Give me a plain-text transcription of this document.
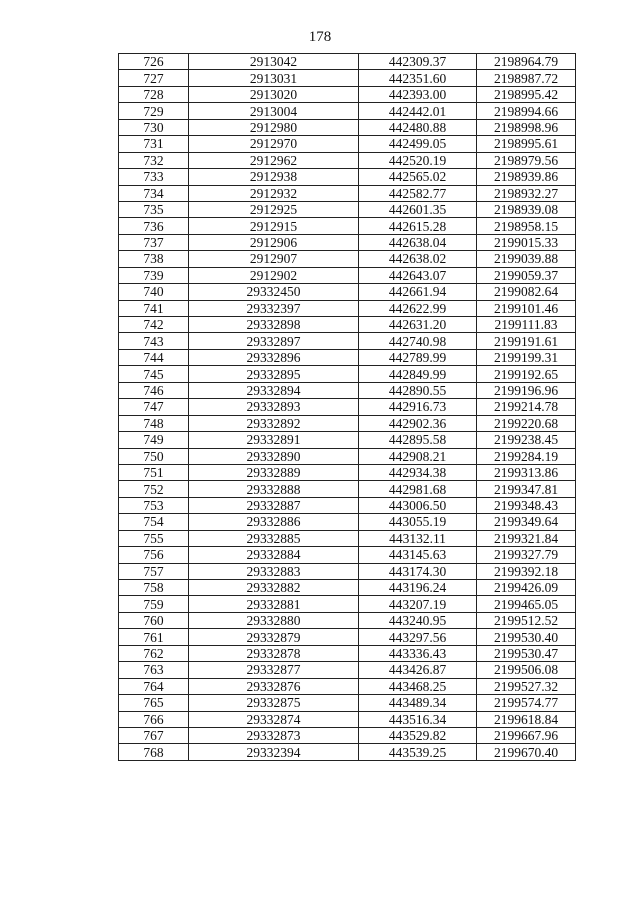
178
726	2913042	442309.37	2198964.79
727	2913031	442351.60	2198987.72
728	2913020	442393.00	2198995.42
729	2913004	442442.01	2198994.66
730	2912980	442480.88	2198998.96
731	2912970	442499.05	2198995.61
732	2912962	442520.19	2198979.56
733	2912938	442565.02	2198939.86
734	2912932	442582.77	2198932.27
735	2912925	442601.35	2198939.08
736	2912915	442615.28	2198958.15
737	2912906	442638.04	2199015.33
738	2912907	442638.02	2199039.88
739	2912902	442643.07	2199059.37
740	29332450	442661.94	2199082.64
741	29332397	442622.99	2199101.46
742	29332898	442631.20	2199111.83
743	29332897	442740.98	2199191.61
744	29332896	442789.99	2199199.31
745	29332895	442849.99	2199192.65
746	29332894	442890.55	2199196.96
747	29332893	442916.73	2199214.78
748	29332892	442902.36	2199220.68
749	29332891	442895.58	2199238.45
750	29332890	442908.21	2199284.19
751	29332889	442934.38	2199313.86
752	29332888	442981.68	2199347.81
753	29332887	443006.50	2199348.43
754	29332886	443055.19	2199349.64
755	29332885	443132.11	2199321.84
756	29332884	443145.63	2199327.79
757	29332883	443174.30	2199392.18
758	29332882	443196.24	2199426.09
759	29332881	443207.19	2199465.05
760	29332880	443240.95	2199512.52
761	29332879	443297.56	2199530.40
762	29332878	443336.43	2199530.47
763	29332877	443426.87	2199506.08
764	29332876	443468.25	2199527.32
765	29332875	443489.34	2199574.77
766	29332874	443516.34	2199618.84
767	29332873	443529.82	2199667.96
768	29332394	443539.25	2199670.40
